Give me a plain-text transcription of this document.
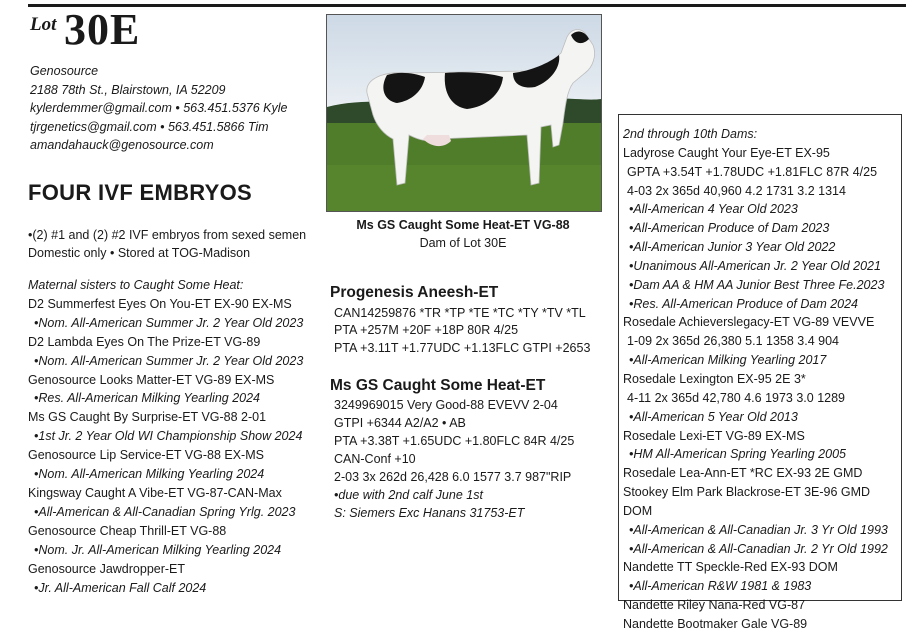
Lot 30E
Genosource
2188 78th St., Blairstown, IA 52209
kylerdemmer@gmail.com • 563.451.5376 Kyle
tjrgenetics@gmail.com • 563.451.5866 Tim
amandahauck@genosource.com
FOUR IVF EMBRYOS
•(2) #1 and (2) #2 IVF embryos from sexed semen
Domestic only • Stored at TOG-Madison
Maternal sisters to Caught Some Heat:
D2 Summerfest Eyes On You-ET EX-90 EX-MS
•Nom. All-American Summer Jr. 2 Year Old 2023
D2 Lambda Eyes On The Prize-ET VG-89
•Nom. All-American Summer Jr. 2 Year Old 2023
Genosource Looks Matter-ET VG-89 EX-MS
•Res. All-American Milking Yearling 2024
Ms GS Caught By Surprise-ET VG-88 2-01
•1st Jr. 2 Year Old WI Championship Show 2024
Genosource Lip Service-ET VG-88 EX-MS
•Nom. All-American Milking Yearling 2024
Kingsway Caught A Vibe-ET VG-87-CAN-Max
•All-American & All-Canadian Spring Yrlg. 2023
Genosource Cheap Thrill-ET VG-88
•Nom. Jr. All-American Milking Yearling 2024
Genosource Jawdropper-ET
•Jr. All-American Fall Calf 2024
Ms GS Caught Some Heat-ET VG-88
Dam of Lot 30E
Progenesis Aneesh-ET
CAN14259876 *TR *TP *TE *TC *TY *TV *TL
PTA +257M +20F +18P 80R 4/25
PTA +3.11T +1.77UDC +1.13FLC GTPI +2653
Ms GS Caught Some Heat-ET
3249969015 Very Good-88 EVEVV 2-04
GTPI +6344 A2/A2 • AB
PTA +3.38T +1.65UDC +1.80FLC 84R 4/25
CAN-Conf +10
2-03 3x 262d 26,428 6.0 1577 3.7 987"RIP
•due with 2nd calf June 1st
S: Siemers Exc Hanans 31753-ET
2nd through 10th Dams:
Ladyrose Caught Your Eye-ET EX-95
GPTA +3.54T +1.78UDC +1.81FLC 87R 4/25
4-03 2x 365d 40,960 4.2 1731 3.2 1314
•All-American 4 Year Old 2023
•All-American Produce of Dam 2023
•All-American Junior 3 Year Old 2022
•Unanimous All-American Jr. 2 Year Old 2021
•Dam AA & HM AA Junior Best Three Fe.2023
•Res. All-American Produce of Dam 2024
Rosedale Achieverslegacy-ET VG-89 VEVVE
1-09 2x 365d 26,380 5.1 1358 3.4 904
•All-American Milking Yearling 2017
Rosedale Lexington EX-95 2E 3*
4-11 2x 365d 42,780 4.6 1973 3.0 1289
•All-American 5 Year Old 2013
Rosedale Lexi-ET VG-89 EX-MS
•HM All-American Spring Yearling 2005
Rosedale Lea-Ann-ET *RC EX-93 2E GMD
Stookey Elm Park Blackrose-ET 3E-96 GMD DOM
•All-American & All-Canadian Jr. 3 Yr Old 1993
•All-American & All-Canadian Jr. 2 Yr Old 1992
Nandette TT Speckle-Red EX-93 DOM
•All-American R&W 1981 & 1983
Nandette Riley Nana-Red VG-87
Nandette Bootmaker Gale VG-89
